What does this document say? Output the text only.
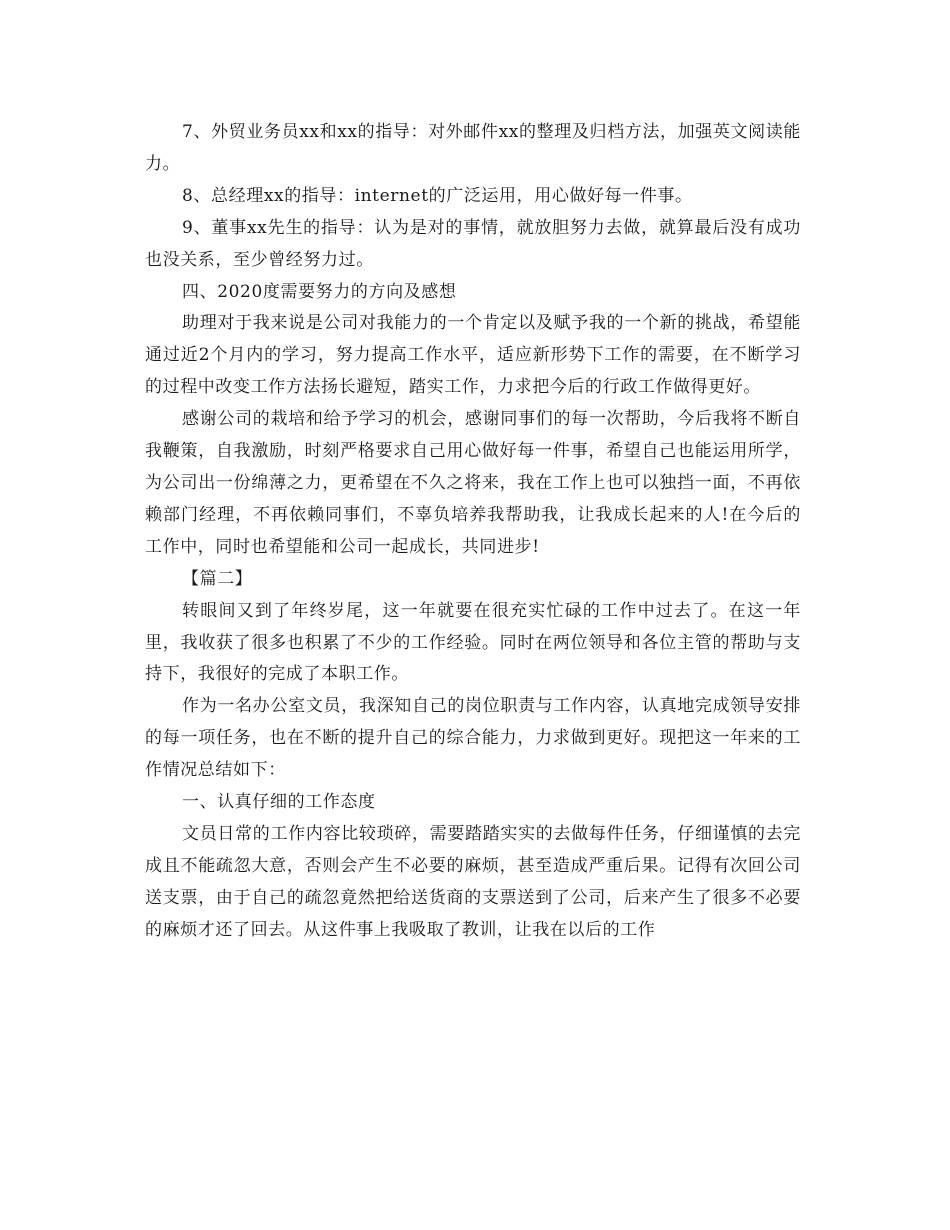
7、外贸业务员xx和xx的指导：对外邮件xx的整理及归档方法，加强英文阅读能力。

8、总经理xx的指导：internet的广泛运用，用心做好每一件事。

9、董事xx先生的指导：认为是对的事情，就放胆努力去做，就算最后没有成功也没关系，至少曾经努力过。

四、2020度需要努力的方向及感想

助理对于我来说是公司对我能力的一个肯定以及赋予我的一个新的挑战，希望能通过近2个月内的学习，努力提高工作水平，适应新形势下工作的需要，在不断学习的过程中改变工作方法扬长避短，踏实工作，力求把今后的行政工作做得更好。

感谢公司的栽培和给予学习的机会，感谢同事们的每一次帮助，今后我将不断自我鞭策，自我激励，时刻严格要求自己用心做好每一件事，希望自己也能运用所学，为公司出一份绵薄之力，更希望在不久之将来，我在工作上也可以独挡一面，不再依赖部门经理，不再依赖同事们，不辜负培养我帮助我，让我成长起来的人!在今后的工作中，同时也希望能和公司一起成长，共同进步!

【篇二】

转眼间又到了年终岁尾，这一年就要在很充实忙碌的工作中过去了。在这一年里，我收获了很多也积累了不少的工作经验。同时在两位领导和各位主管的帮助与支持下，我很好的完成了本职工作。

作为一名办公室文员，我深知自己的岗位职责与工作内容，认真地完成领导安排的每一项任务，也在不断的提升自己的综合能力，力求做到更好。现把这一年来的工作情况总结如下：

一、认真仔细的工作态度

文员日常的工作内容比较琐碎，需要踏踏实实的去做每件任务，仔细谨慎的去完成且不能疏忽大意，否则会产生不必要的麻烦，甚至造成严重后果。记得有次回公司送支票，由于自己的疏忽竟然把给送货商的支票送到了公司，后来产生了很多不必要的麻烦才还了回去。从这件事上我吸取了教训，让我在以后的工作
